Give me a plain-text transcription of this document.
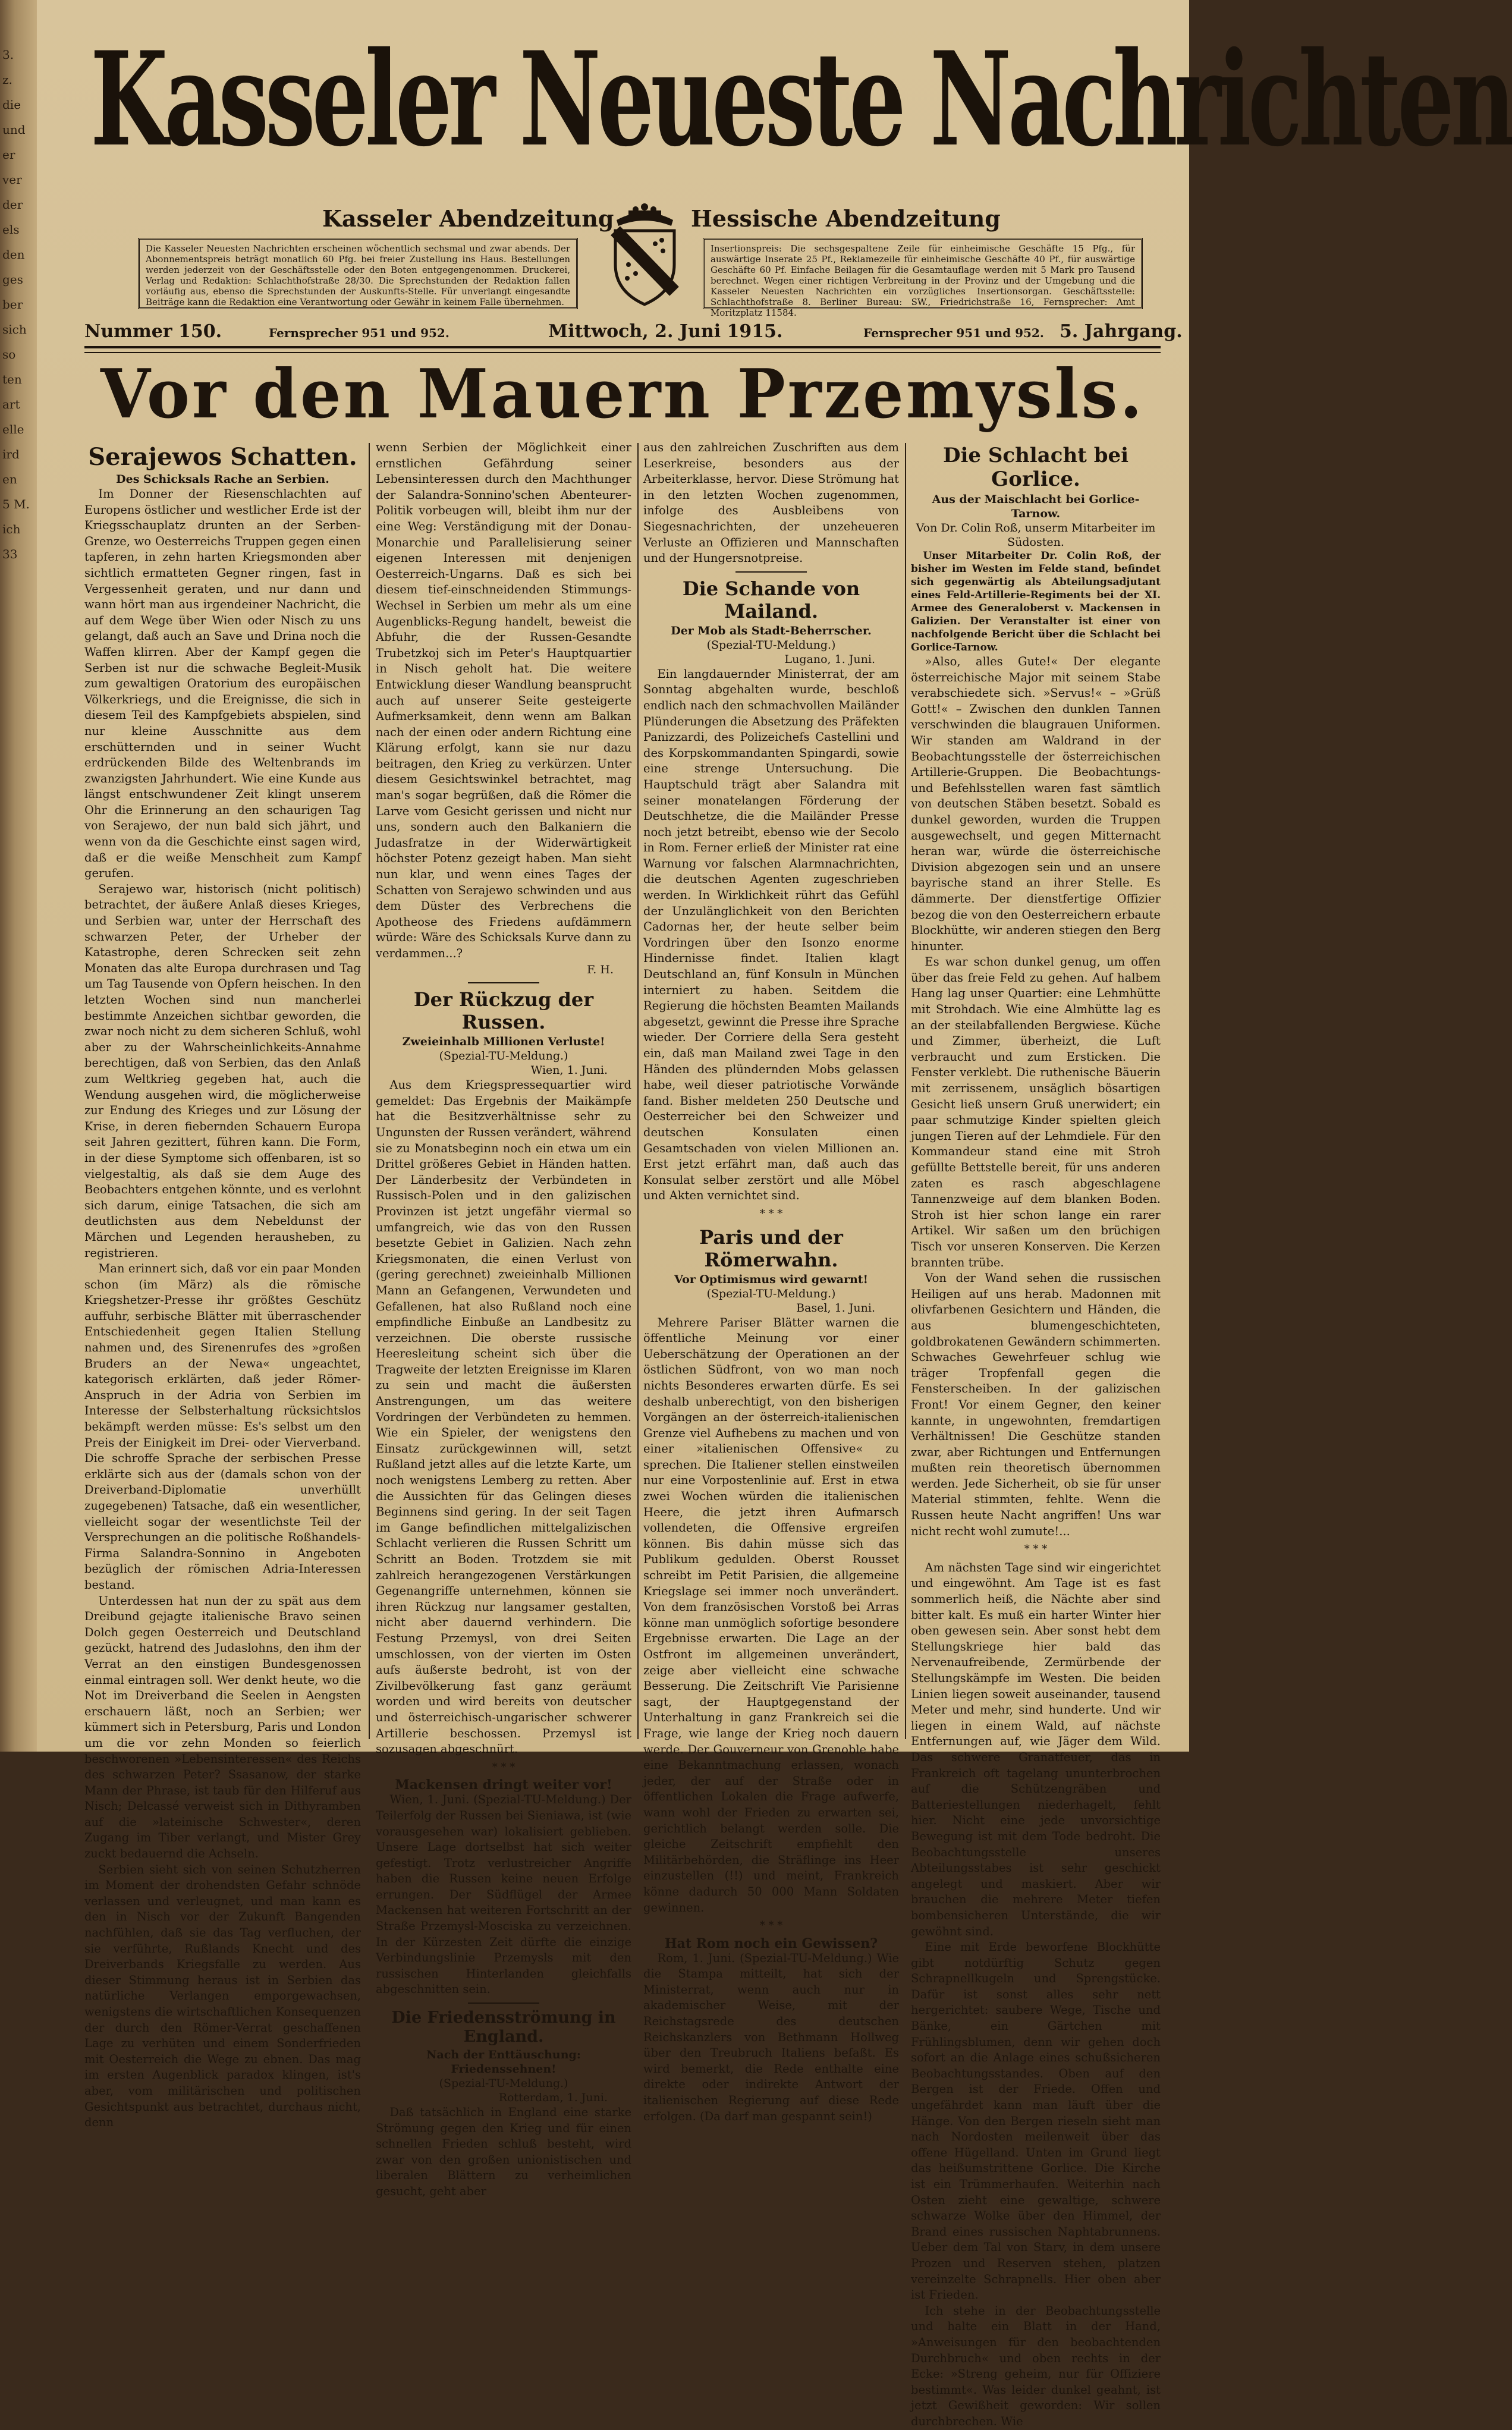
3.
z.
die
und
er
ver
der
els
den
ges
ber
sich
so
ten
art
elle
ird
en
5 M.
ich
33
Kasseler Neueste Nachrichten
Kasseler Abendzeitung	Hessische Abendzeitung
Die Kasseler Neuesten Nachrichten erscheinen wöchentlich sechsmal und zwar abends. Der Abonnementspreis beträgt monatlich 60 Pfg. bei freier Zustellung ins Haus. Bestellungen werden jederzeit von der Geschäftsstelle oder den Boten entgegengenommen. Druckerei, Verlag und Redaktion: Schlachthofstraße 28/30. Die Sprechstunden der Redaktion fallen vorläufig aus, ebenso die Sprechstunden der Auskunfts-Stelle. Für unverlangt eingesandte Beiträge kann die Redaktion eine Verantwortung oder Gewähr in keinem Falle übernehmen.
Insertionspreis: Die sechsgespaltene Zeile für einheimische Geschäfte 15 Pfg., für auswärtige Inserate 25 Pf., Reklamezeile für einheimische Geschäfte 40 Pf., für auswärtige Geschäfte 60 Pf. Einfache Beilagen für die Gesamtauflage werden mit 5 Mark pro Tausend berechnet. Wegen einer richtigen Verbreitung in der Provinz und der Umgebung und die Kasseler Neuesten Nachrichten ein vorzügliches Insertionsorgan. Geschäftsstelle: Schlachthofstraße 8. Berliner Bureau: SW., Friedrichstraße 16, Fernsprecher: Amt Moritzplatz 11584.
Nummer 150.	Fernsprecher 951 und 952.	Mittwoch, 2. Juni 1915.	Fernsprecher 951 und 952. 5. Jahrgang.
Vor den Mauern Przemysls.
Serajewos Schatten.
Des Schicksals Rache an Serbien.

Im Donner der Riesenschlachten auf Europens östlicher und westlicher Erde ist der Kriegsschauplatz drunten an der Serben-Grenze, wo Oesterreichs Truppen gegen einen tapferen, in zehn harten Kriegsmonden aber sichtlich ermatteten Gegner ringen, fast in Vergessenheit geraten, und nur dann und wann hört man aus irgendeiner Nachricht, die auf dem Wege über Wien oder Nisch zu uns gelangt, daß auch an Save und Drina noch die Waffen klirren. Aber der Kampf gegen die Serben ist nur die schwache Begleit-Musik zum gewaltigen Oratorium des europäischen Völkerkriegs, und die Ereignisse, die sich in diesem Teil des Kampfgebiets abspielen, sind nur kleine Ausschnitte aus dem erschütternden und in seiner Wucht erdrückenden Bilde des Weltenbrands im zwanzigsten Jahrhundert. Wie eine Kunde aus längst entschwundener Zeit klingt unserem Ohr die Erinnerung an den schaurigen Tag von Serajewo, der nun bald sich jährt, und wenn von da die Geschichte einst sagen wird, daß er die weiße Menschheit zum Kampf gerufen.

Serajewo war, historisch (nicht politisch) betrachtet, der äußere Anlaß dieses Krieges, und Serbien war, unter der Herrschaft des schwarzen Peter, der Urheber der Katastrophe, deren Schrecken seit zehn Monaten das alte Europa durchrasen und Tag um Tag Tausende von Opfern heischen. In den letzten Wochen sind nun mancherlei bestimmte Anzeichen sichtbar geworden, die zwar noch nicht zu dem sicheren Schluß, wohl aber zu der Wahrscheinlichkeits-Annahme berechtigen, daß von Serbien, das den Anlaß zum Weltkrieg gegeben hat, auch die Wendung ausgehen wird, die möglicherweise zur Endung des Krieges und zur Lösung der Krise, in deren fiebernden Schauern Europa seit Jahren gezittert, führen kann. Die Form, in der diese Symptome sich offenbaren, ist so vielgestaltig, als daß sie dem Auge des Beobachters entgehen könnte, und es verlohnt sich darum, einige Tatsachen, die sich am deutlichsten aus dem Nebeldunst der Märchen und Legenden herausheben, zu registrieren.

Man erinnert sich, daß vor ein paar Monden schon (im März) als die römische Kriegshetzer-Presse ihr größtes Geschütz auffuhr, serbische Blätter mit überraschender Entschiedenheit gegen Italien Stellung nahmen und, des Sirenenrufes des »großen Bruders an der Newa« ungeachtet, kategorisch erklärten, daß jeder Römer-Anspruch in der Adria von Serbien im Interesse der Selbsterhaltung rücksichtslos bekämpft werden müsse: Es's selbst um den Preis der Einigkeit im Drei- oder Vierverband. Die schroffe Sprache der serbischen Presse erklärte sich aus der (damals schon von der Dreiverband-Diplomatie unverhüllt zugegebenen) Tatsache, daß ein wesentlicher, vielleicht sogar der wesentlichste Teil der Versprechungen an die politische Roßhandels-Firma Salandra-Sonnino in Angeboten bezüglich der römischen Adria-Interessen bestand.

Unterdessen hat nun der zu spät aus dem Dreibund gejagte italienische Bravo seinen Dolch gegen Oesterreich und Deutschland gezückt, hatrend des Judaslohns, den ihm der Verrat an den einstigen Bundesgenossen einmal eintragen soll. Wer denkt heute, wo die Not im Dreiverband die Seelen in Aengsten erschauern läßt, noch an Serbien; wer kümmert sich in Petersburg, Paris und London um die vor zehn Monden so feierlich beschworenen »Lebensinteressen« des Reichs des schwarzen Peter? Ssasanow, der starke Mann der Phrase, ist taub für den Hilferuf aus Nisch; Delcassé verweist sich in Dithyramben auf die »lateinische Schwester«, deren Zugang im Tiber verlangt, und Mister Grey zuckt bedauernd die Achseln.

Serbien sieht sich von seinen Schutzherren im Moment der drohendsten Gefahr schnöde verlassen und verleugnet, und man kann es den in Nisch vor der Zukunft Bangenden nachfühlen, daß sie das Tag verfluchen, der sie verführte, Rußlands Knecht und des Dreiverbands Kriegsfalle zu werden. Aus dieser Stimmung heraus ist in Serbien das natürliche Verlangen emporgewachsen, wenigstens die wirtschaftlichen Konsequenzen der durch den Römer-Verrat geschaffenen Lage zu verhüten und einem Sonderfrieden mit Oesterreich die Wege zu ebnen. Das mag im ersten Augenblick paradox klingen, ist's aber, vom militärischen und politischen Gesichtspunkt aus betrachtet, durchaus nicht, denn

wenn Serbien der Möglichkeit einer ernstlichen Gefährdung seiner Lebensinteressen durch den Machthunger der Salandra-Sonnino'schen Abenteurer-Politik vorbeugen will, bleibt ihm nur der eine Weg: Verständigung mit der Donau-Monarchie und Parallelisierung seiner eigenen Interessen mit denjenigen Oesterreich-Ungarns. Daß es sich bei diesem tief-einschneidenden Stimmungs-Wechsel in Serbien um mehr als um eine Augenblicks-Regung handelt, beweist die Abfuhr, die der Russen-Gesandte Trubetzkoj sich im Peter's Hauptquartier in Nisch geholt hat. Die weitere Entwicklung dieser Wandlung beansprucht auch auf unserer Seite gesteigerte Aufmerksamkeit, denn wenn am Balkan nach der einen oder andern Richtung eine Klärung erfolgt, kann sie nur dazu beitragen, den Krieg zu verkürzen. Unter diesem Gesichtswinkel betrachtet, mag man's sogar begrüßen, daß die Römer die Larve vom Gesicht gerissen und nicht nur uns, sondern auch den Balkaniern die Judasfratze in der Widerwärtigkeit höchster Potenz gezeigt haben. Man sieht nun klar, und wenn eines Tages der Schatten von Serajewo schwinden und aus dem Düster des Verbrechens die Apotheose des Friedens aufdämmern würde: Wäre des Schicksals Kurve dann zu verdammen...?

F. H.
Der Rückzug der Russen.
Zweieinhalb Millionen Verluste!
(Spezial-TU-Meldung.)
Wien, 1. Juni.

Aus dem Kriegspressequartier wird gemeldet: Das Ergebnis der Maikämpfe hat die Besitzverhältnisse sehr zu Ungunsten der Russen verändert, während sie zu Monatsbeginn noch ein etwa um ein Drittel größeres Gebiet in Händen hatten. Der Länderbesitz der Verbündeten in Russisch-Polen und in den galizischen Provinzen ist jetzt ungefähr viermal so umfangreich, wie das von den Russen besetzte Gebiet in Galizien. Nach zehn Kriegsmonaten, die einen Verlust von (gering gerechnet) zweieinhalb Millionen Mann an Gefangenen, Verwundeten und Gefallenen, hat also Rußland noch eine empfindliche Einbuße an Landbesitz zu verzeichnen. Die oberste russische Heeresleitung scheint sich über die Tragweite der letzten Ereignisse im Klaren zu sein und macht die äußersten Anstrengungen, um das weitere Vordringen der Verbündeten zu hemmen. Wie ein Spieler, der wenigstens den Einsatz zurückgewinnen will, setzt Rußland jetzt alles auf die letzte Karte, um noch wenigstens Lemberg zu retten. Aber die Aussichten für das Gelingen dieses Beginnens sind gering. In der seit Tagen im Gange befindlichen mittelgalizischen Schlacht verlieren die Russen Schritt um Schritt an Boden. Trotzdem sie mit zahlreich herangezogenen Verstärkungen Gegenangriffe unternehmen, können sie ihren Rückzug nur langsamer gestalten, nicht aber dauernd verhindern. Die Festung Przemysl, von drei Seiten umschlossen, von der vierten im Osten aufs äußerste bedroht, ist von der Zivilbevölkerung fast ganz geräumt worden und wird bereits von deutscher und österreichisch-ungarischer schwerer Artillerie beschossen. Przemysl ist sozusagen abgeschnürt.

* * *
Mackensen dringt weiter vor!

Wien, 1. Juni. (Spezial-TU-Meldung.) Der Teilerfolg der Russen bei Sieniawa, ist (wie vorausgesehen war) lokalisiert geblieben. Unsere Lage dortselbst hat sich weiter gefestigt. Trotz verlustreicher Angriffe haben die Russen keine neuen Erfolge errungen. Der Südflügel der Armee Mackensen hat weiteren Fortschritt an der Straße Przemysl-Mosciska zu verzeichnen. In der Kürzesten Zeit dürfte die einzige Verbindungslinie Przemysls mit den russischen Hinterlanden gleichfalls abgeschnitten sein.

Die Friedensströmung in England.
Nach der Enttäuschung: Friedenssehnen!
(Spezial-TU-Meldung.)
Rotterdam, 1. Juni.

Daß tatsächlich in England eine starke Strömung gegen den Krieg und für einen schnellen Frieden schluß besteht, wird zwar von den großen unionistischen und liberalen Blättern zu verheimlichen gesucht, geht aber

aus den zahlreichen Zuschriften aus dem Leserkreise, besonders aus der Arbeiterklasse, hervor. Diese Strömung hat in den letzten Wochen zugenommen, infolge des Ausbleibens von Siegesnachrichten, der unzeheueren Verluste an Offizieren und Mannschaften und der Hungersnotpreise.

Die Schande von Mailand.
Der Mob als Stadt-Beherrscher.
(Spezial-TU-Meldung.)
Lugano, 1. Juni.

Ein langdauernder Ministerrat, der am Sonntag abgehalten wurde, beschloß endlich nach den schmachvollen Mailänder Plünderungen die Absetzung des Präfekten Panizzardi, des Polizeichefs Castellini und des Korpskommandanten Spingardi, sowie eine strenge Untersuchung. Die Hauptschuld trägt aber Salandra mit seiner monatelangen Förderung der Deutschhetze, die die Mailänder Presse noch jetzt betreibt, ebenso wie der Secolo in Rom. Ferner erließ der Minister rat eine Warnung vor falschen Alarmnachrichten, die deutschen Agenten zugeschrieben werden. In Wirklichkeit rührt das Gefühl der Unzulänglichkeit von den Berichten Cadornas her, der heute selber beim Vordringen über den Isonzo enorme Hindernisse findet. Italien klagt Deutschland an, fünf Konsuln in München interniert zu haben. Seitdem die Regierung die höchsten Beamten Mailands abgesetzt, gewinnt die Presse ihre Sprache wieder. Der Corriere della Sera gesteht ein, daß man Mailand zwei Tage in den Händen des plündernden Mobs gelassen habe, weil dieser patriotische Vorwände fand. Bisher meldeten 250 Deutsche und Oesterreicher bei den Schweizer und deutschen Konsulaten einen Gesamtschaden von vielen Millionen an. Erst jetzt erfährt man, daß auch das Konsulat selber zerstört und alle Möbel und Akten vernichtet sind.

* * *
Paris und der Römerwahn.
Vor Optimismus wird gewarnt!
(Spezial-TU-Meldung.)
Basel, 1. Juni.

Mehrere Pariser Blätter warnen die öffentliche Meinung vor einer Ueberschätzung der Operationen an der östlichen Südfront, von wo man noch nichts Besonderes erwarten dürfe. Es sei deshalb unberechtigt, von den bisherigen Vorgängen an der österreich-italienischen Grenze viel Aufhebens zu machen und von einer »italienischen Offensive« zu sprechen. Die Italiener stellen einstweilen nur eine Vorpostenlinie auf. Erst in etwa zwei Wochen würden die italienischen Heere, die jetzt ihren Aufmarsch vollendeten, die Offensive ergreifen können. Bis dahin müsse sich das Publikum gedulden. Oberst Rousset schreibt im Petit Parisien, die allgemeine Kriegslage sei immer noch unverändert. Von dem französischen Vorstoß bei Arras könne man unmöglich sofortige besondere Ergebnisse erwarten. Die Lage an der Ostfront im allgemeinen unverändert, zeige aber vielleicht eine schwache Besserung. Die Zeitschrift Vie Parisienne sagt, der Hauptgegenstand der Unterhaltung in ganz Frankreich sei die Frage, wie lange der Krieg noch dauern werde. Der Gouverneur von Grenoble habe eine Bekanntmachung erlassen, wonach jeder, der auf der Straße oder in öffentlichen Lokalen die Frage aufwerfe, wann wohl der Frieden zu erwarten sei, gerichtlich belangt werden solle. Die gleiche Zeitschrift empfiehlt den Militärbehörden, die Sträflinge ins Heer einzustellen (!!) und meint, Frankreich könne dadurch 50 000 Mann Soldaten gewinnen.

* * *
Hat Rom noch ein Gewissen?

Rom, 1. Juni. (Spezial-TU-Meldung.) Wie die Stampa mitteilt, hat sich der Ministerrat, wenn auch nur in akademischer Weise, mit der Reichstagsrede des deutschen Reichskanzlers von Bethmann Hollweg über den Treubruch Italiens befaßt. Es wird bemerkt, die Rede enthalte eine direkte oder indirekte Antwort der italienischen Regierung auf diese Rede erfolgen. (Da darf man gespannt sein!)

Die Schlacht bei Gorlice.
Aus der Maischlacht bei Gorlice-Tarnow.
Von Dr. Colin Roß, unserm Mitarbeiter im Südosten.

Unser Mitarbeiter Dr. Colin Roß, der bisher im Westen im Felde stand, befindet sich gegenwärtig als Abteilungsadjutant eines Feld-Artillerie-Regiments bei der XI. Armee des Generaloberst v. Mackensen in Galizien. Der Veranstalter ist einer von nachfolgende Bericht über die Schlacht bei Gorlice-Tarnow.

»Also, alles Gute!« Der elegante österreichische Major mit seinem Stabe verabschiedete sich. »Servus!« – »Grüß Gott!« – Zwischen den dunklen Tannen verschwinden die blaugrauen Uniformen. Wir standen am Waldrand in der Beobachtungsstelle der österreichischen Artillerie-Gruppen. Die Beobachtungs- und Befehlsstellen waren fast sämtlich von deutschen Stäben besetzt. Sobald es dunkel geworden, wurden die Truppen ausgewechselt, und gegen Mitternacht heran war, würde die österreichische Division abgezogen sein und an unsere bayrische stand an ihrer Stelle. Es dämmerte. Der dienstfertige Offizier bezog die von den Oesterreichern erbaute Blockhütte, wir anderen stiegen den Berg hinunter.

Es war schon dunkel genug, um offen über das freie Feld zu gehen. Auf halbem Hang lag unser Quartier: eine Lehmhütte mit Strohdach. Wie eine Almhütte lag es an der steilabfallenden Bergwiese. Küche und Zimmer, überheizt, die Luft verbraucht und zum Ersticken. Die Fenster verklebt. Die ruthenische Bäuerin mit zerrissenem, unsäglich bösartigen Gesicht ließ unsern Gruß unerwidert; ein paar schmutzige Kinder spielten gleich jungen Tieren auf der Lehmdiele. Für den Kommandeur stand eine mit Stroh gefüllte Bettstelle bereit, für uns anderen zaten es rasch abgeschlagene Tannenzweige auf dem blanken Boden. Stroh ist hier schon lange ein rarer Artikel. Wir saßen um den brüchigen Tisch vor unseren Konserven. Die Kerzen brannten trübe.

Von der Wand sehen die russischen Heiligen auf uns herab. Madonnen mit olivfarbenen Gesichtern und Händen, die aus blumengeschichteten, goldbrokatenen Gewändern schimmerten. Schwaches Gewehrfeuer schlug wie träger Tropfenfall gegen die Fensterscheiben. In der galizischen Front! Vor einem Gegner, den keiner kannte, in ungewohnten, fremdartigen Verhältnissen! Die Geschütze standen zwar, aber Richtungen und Entfernungen mußten rein theoretisch übernommen werden. Jede Sicherheit, ob sie für unser Material stimmten, fehlte. Wenn die Russen heute Nacht angriffen! Uns war nicht recht wohl zumute!...

* * *

Am nächsten Tage sind wir eingerichtet und eingewöhnt. Am Tage ist es fast sommerlich heiß, die Nächte aber sind bitter kalt. Es muß ein harter Winter hier oben gewesen sein. Aber sonst hebt dem Stellungskriege hier bald das Nervenaufreibende, Zermürbende der Stellungskämpfe im Westen. Die beiden Linien liegen soweit auseinander, tausend Meter und mehr, sind hunderte. Und wir liegen in einem Wald, auf nächste Entfernungen auf, wie Jäger dem Wild. Das schwere Granatfeuer, das in Frankreich oft tagelang ununterbrochen auf die Schützengräben und Batteriestellungen niederhagelt, fehlt hier. Nicht eine jede unvorsichtige Bewegung ist mit dem Tode bedroht. Die Beobachtungsstelle unseres Abteilungsstabes ist sehr geschickt angelegt und maskiert. Aber wir brauchen die mehrere Meter tiefen bombensicheren Unterstände, die wir gewöhnt sind.

Eine mit Erde beworfene Blockhütte gibt notdürftig Schutz gegen Schrapnellkugeln und Sprengstücke. Dafür ist sonst alles sehr nett hergerichtet: saubere Wege, Tische und Bänke, ein Gärtchen mit Frühlingsblumen, denn wir gehen doch sofort an die Anlage eines schußsicheren Beobachtungsstandes. Oben auf den Bergen ist der Friede. Offen und ungefährdet kann man läuft über die Hänge. Von den Bergen rieseln sieht man nach Nordosten meilenweit über das offene Hügelland. Unten im Grund liegt das heißumstrittene Gorlice. Die Kirche ist ein Trümmerhaufen. Weiterhin nach Osten zieht eine gewaltige, schwere schwarze Wolke über den Himmel, der Brand eines russischen Naphtabrunnens. Ueber dem Tal von Starv, in dem unsere Prozen und Reserven stehen, platzen vereinzelte Schrapnells. Hier oben aber ist Frieden.

Ich stehe in der Beobachtungsstelle und halte ein Blatt in der Hand, »Anweisungen für den beobachtenden Durchbruch« und oben rechts in der Ecke: »Streng geheim, nur für Offiziere bestimmt«. Was leider dunkel geahnt, ist jetzt Gewißheit geworden: Wir sollen durchbrechen. Wie
